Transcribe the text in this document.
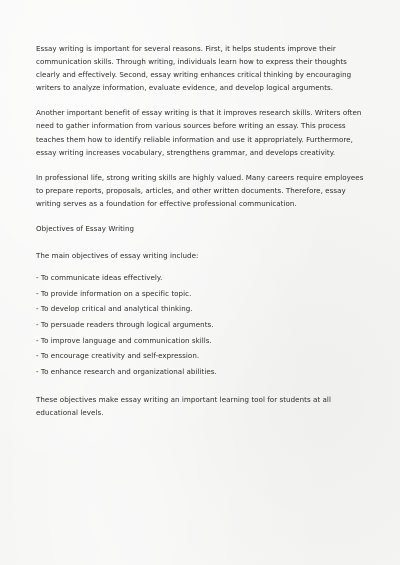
Essay writing is important for several reasons. First, it helps students improve their communication skills. Through writing, individuals learn how to express their thoughts clearly and effectively. Second, essay writing enhances critical thinking by encouraging writers to analyze information, evaluate evidence, and develop logical arguments.

Another important benefit of essay writing is that it improves research skills. Writers often need to gather information from various sources before writing an essay. This process teaches them how to identify reliable information and use it appropriately. Furthermore, essay writing increases vocabulary, strengthens grammar, and develops creativity.

In professional life, strong writing skills are highly valued. Many careers require employees to prepare reports, proposals, articles, and other written documents. Therefore, essay writing serves as a foundation for effective professional communication.

Objectives of Essay Writing

The main objectives of essay writing include:

- To communicate ideas effectively.
- To provide information on a specific topic.
- To develop critical and analytical thinking.
- To persuade readers through logical arguments.
- To improve language and communication skills.
- To encourage creativity and self-expression.
- To enhance research and organizational abilities.

These objectives make essay writing an important learning tool for students at all educational levels.
